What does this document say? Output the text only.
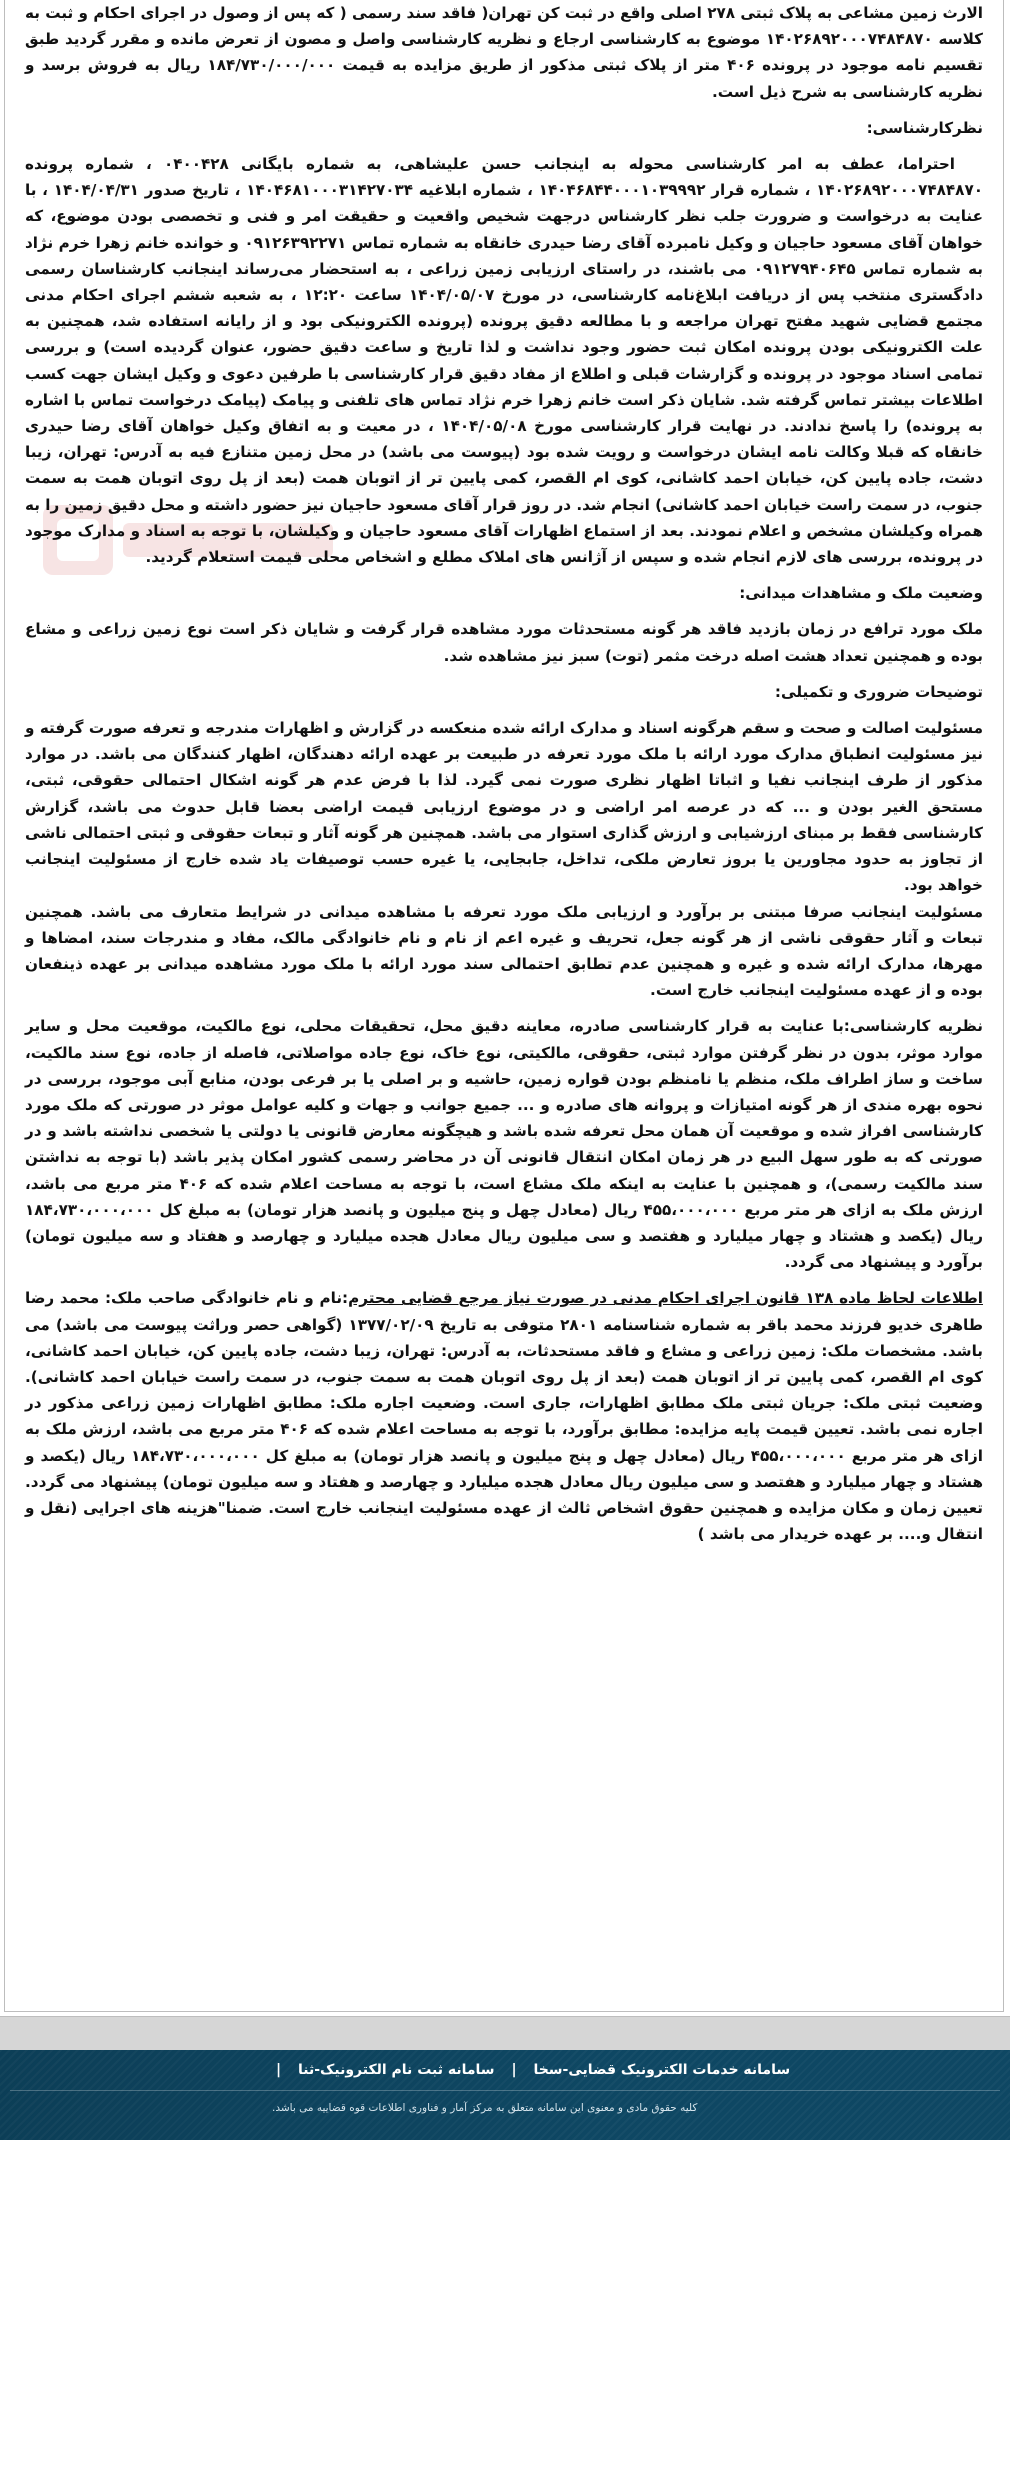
الارث زمین مشاعی به پلاک ثبتی ۲۷۸ اصلی واقع در ثبت کن تهران( فاقد سند رسمی ( که پس از وصول در اجرای احکام و ثبت به کلاسه ۱۴۰۲۶۸۹۲۰۰۰۷۴۸۴۸۷۰ موضوع به کارشناسی ارجاع و نظریه کارشناسی واصل و مصون از تعرض مانده و مقرر گردید طبق تقسیم نامه موجود در پرونده ۴۰۶ متر از پلاک ثبتی مذکور از طریق مزایده به قیمت ۱۸۴/۷۳۰/۰۰۰/۰۰۰ ریال به فروش برسد و نظریه کارشناسی به شرح ذیل است.

نظرکارشناسی:

احتراما، عطف به امر کارشناسی محوله به اینجانب حسن علیشاهی، به شماره بایگانی ۰۴۰۰۴۲۸ ، شماره پرونده ۱۴۰۲۶۸۹۲۰۰۰۷۴۸۴۸۷۰ ، شماره قرار ۱۴۰۴۶۸۴۴۰۰۰۱۰۳۹۹۹۲ ، شماره ابلاغیه ۱۴۰۴۶۸۱۰۰۰۳۱۴۲۷۰۳۴ ، تاریخ صدور ۱۴۰۴/۰۴/۳۱ ، با عنایت به درخواست و ضرورت جلب نظر کارشناس درجهت شخیص واقعیت و حقیقت امر و فنی و تخصصی بودن موضوع، که خواهان آقای مسعود حاجیان و وکیل نامبرده آقای رضا حیدری خانقاه به شماره تماس ۰۹۱۲۶۳۹۲۲۷۱ و خوانده خانم زهرا خرم نژاد به شماره تماس ۰۹۱۲۷۹۴۰۶۴۵ می باشند، در راستای ارزیابی زمین زراعی ، به استحضار می‌رساند اینجانب کارشناسان رسمی دادگستری منتخب پس از دریافت ابلاغ‌نامه کارشناسی، در مورخ ۱۴۰۴/۰۵/۰۷ ساعت ۱۲:۲۰ ، به شعبه ششم اجرای احکام مدنی مجتمع قضایی شهید مفتح تهران مراجعه و با مطالعه دقیق پرونده (پرونده الکترونیکی بود و از رایانه استفاده شد، همچنین به علت الکترونیکی بودن پرونده امکان ثبت حضور وجود نداشت و لذا تاریخ و ساعت دقیق حضور، عنوان گردیده است) و بررسی تمامی اسناد موجود در پرونده و گزارشات قبلی و اطلاع از مفاد دقیق قرار کارشناسی با طرفین دعوی و وکیل ایشان جهت کسب اطلاعات بیشتر تماس گرفته شد. شایان ذکر است خانم زهرا خرم نژاد تماس های تلفنی و پیامک (پیامک درخواست تماس با اشاره به پرونده) را پاسخ ندادند. در نهایت قرار کارشناسی مورخ ۱۴۰۴/۰۵/۰۸ ، در معیت و به اتفاق وکیل خواهان آقای رضا حیدری خانقاه که قبلا وکالت نامه ایشان درخواست و رویت شده بود (پیوست می باشد) در محل زمین متنازع فیه به آدرس: تهران، زیبا دشت، جاده پایین کن، خیابان احمد کاشانی، کوی ام القصر، کمی پایین تر از اتوبان همت (بعد از پل روی اتوبان همت به سمت جنوب، در سمت راست خیابان احمد کاشانی) انجام شد. در روز قرار آقای مسعود حاجیان نیز حضور داشته و محل دقیق زمین را به همراه وکیلشان مشخص و اعلام نمودند. بعد از استماع اظهارات آقای مسعود حاجیان و وکیلشان، با توجه به اسناد و مدارک موجود در پرونده، بررسی های لازم انجام شده و سپس از آژانس های املاک مطلع و اشخاص محلی قیمت استعلام گردید.

وضعیت ملک و مشاهدات میدانی:

ملک مورد ترافع در زمان بازدید فاقد هر گونه مستحدثات مورد مشاهده قرار گرفت و شایان ذکر است نوع زمین زراعی و مشاع بوده و همچنین تعداد هشت اصله درخت مثمر (توت) سبز نیز مشاهده شد.

توضیحات ضروری و تکمیلی:

مسئولیت اصالت و صحت و سقم هرگونه اسناد و مدارک ارائه شده منعکسه در گزارش و اظهارات مندرجه و تعرفه صورت گرفته و نیز مسئولیت انطباق مدارک مورد ارائه با ملک مورد تعرفه در طبیعت بر عهده ارائه دهندگان، اظهار کنندگان می باشد. در موارد مذکور از طرف اینجانب نفیا و اثباتا اظهار نظری صورت نمی گیرد. لذا با فرض عدم هر گونه اشکال احتمالی حقوقی، ثبتی، مستحق الغیر بودن و ... که در عرصه امر اراضی و در موضوع ارزیابی قیمت اراضی بعضا قابل حدوث می باشد، گزارش کارشناسی فقط بر مبنای ارزشیابی و ارزش گذاری استوار می باشد. همچنین هر گونه آثار و تبعات حقوقی و ثبتی احتمالی ناشی از تجاوز به حدود مجاورین یا بروز تعارض ملکی، تداخل، جابجایی، یا غیره حسب توصیفات یاد شده خارج از مسئولیت اینجانب خواهد بود.

مسئولیت اینجانب صرفا مبتنی بر برآورد و ارزیابی ملک مورد تعرفه با مشاهده میدانی در شرایط متعارف می باشد. همچنین تبعات و آثار حقوقی ناشی از هر گونه جعل، تحریف و غیره اعم از نام و نام خانوادگی مالک، مفاد و مندرجات سند، امضاها و مهرها، مدارک ارائه شده و غیره و همچنین عدم تطابق احتمالی سند مورد ارائه با ملک مورد مشاهده میدانی بر عهده ذینفعان بوده و از عهده مسئولیت اینجانب خارج است.

نظریه کارشناسی:با عنایت به قرار کارشناسی صادره، معاینه دقیق محل، تحقیقات محلی، نوع مالکیت، موقعیت محل و سایر موارد موثر، بدون در نظر گرفتن موارد ثبتی، حقوقی، مالکیتی، نوع خاک، نوع جاده مواصلاتی، فاصله از جاده، نوع سند مالکیت، ساخت و ساز اطراف ملک، منظم یا نامنظم بودن قواره زمین، حاشیه و بر اصلی یا بر فرعی بودن، منابع آبی موجود، بررسی در نحوه بهره مندی از هر گونه امتیازات و پروانه های صادره و ... جمیع جوانب و جهات و کلیه عوامل موثر در صورتی که ملک مورد کارشناسی افراز شده و موقعیت آن همان محل تعرفه شده باشد و هیچگونه معارض قانونی یا دولتی یا شخصی نداشته باشد و در صورتی که به طور سهل البیع در هر زمان امکان انتقال قانونی آن در محاضر رسمی کشور امکان پذیر باشد (با توجه به نداشتن سند مالکیت رسمی)، و همچنین با عنایت به اینکه ملک مشاع است، با توجه به مساحت اعلام شده که ۴۰۶ متر مربع می باشد، ارزش ملک به ازای هر متر مربع ۴۵۵،۰۰۰،۰۰۰ ریال (معادل چهل و پنج میلیون و پانصد هزار تومان) به مبلغ کل ۱۸۴،۷۳۰،۰۰۰،۰۰۰ ریال (یکصد و هشتاد و چهار میلیارد و هفتصد و سی میلیون ریال معادل هجده میلیارد و چهارصد و هفتاد و سه میلیون تومان) برآورد و پیشنهاد می گردد.

اطلاعات لحاظ ماده ۱۳۸ قانون اجرای احکام مدنی در صورت نیاز مرجع قضایی محترم:نام و نام خانوادگی صاحب ملک: محمد رضا طاهری خدیو فرزند محمد باقر به شماره شناسنامه ۲۸۰۱ متوفی به تاریخ ۱۳۷۷/۰۲/۰۹ (گواهی حصر وراثت پیوست می باشد) می باشد. مشخصات ملک: زمین زراعی و مشاع و فاقد مستحدثات، به آدرس: تهران، زیبا دشت، جاده پایین کن، خیابان احمد کاشانی، کوی ام القصر، کمی پایین تر از اتوبان همت (بعد از پل روی اتوبان همت به سمت جنوب، در سمت راست خیابان احمد کاشانی). وضعیت ثبتی ملک: جریان ثبتی ملک مطابق اظهارات، جاری است. وضعیت اجاره ملک: مطابق اظهارات زمین زراعی مذکور در اجاره نمی باشد. تعیین قیمت پایه مزایده: مطابق برآورد، با توجه به مساحت اعلام شده که ۴۰۶ متر مربع می باشد، ارزش ملک به ازای هر متر مربع ۴۵۵،۰۰۰،۰۰۰ ریال (معادل چهل و پنج میلیون و پانصد هزار تومان) به مبلغ کل ۱۸۴،۷۳۰،۰۰۰،۰۰۰ ریال (یکصد و هشتاد و چهار میلیارد و هفتصد و سی میلیون ریال معادل هجده میلیارد و چهارصد و هفتاد و سه میلیون تومان) پیشنهاد می گردد. تعیین زمان و مکان مزایده و همچنین حقوق اشخاص ثالث از عهده مسئولیت اینجانب خارج است. ضمنا"هزینه های اجرایی (نقل و انتقال و.... بر عهده خریدار می باشد )

سامانه خدمات الکترونیک قضایی-سخا | سامانه ثبت نام الکترونیک-ثنا |
کلیه حقوق مادی و معنوی این سامانه متعلق به مرکز آمار و فناوری اطلاعات قوه قضاییه می باشد.
